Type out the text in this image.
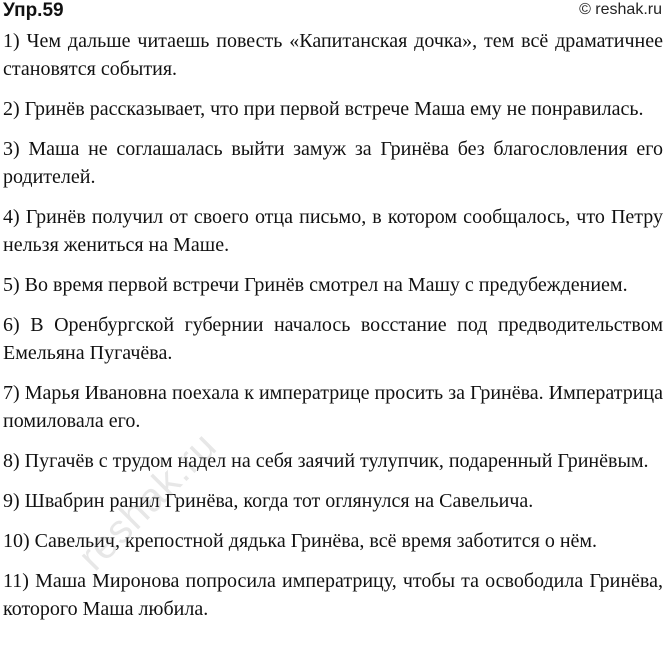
Упр.59	© reshak.ru
1) Чем дальше читаешь повесть «Капитанская дочка», тем всё драматичнее становятся события.
2) Гринёв рассказывает, что при первой встрече Маша ему не понравилась.
3) Маша не соглашалась выйти замуж за Гринёва без благословления его родителей.
4) Гринёв получил от своего отца письмо, в котором сообщалось, что Петру нельзя жениться на Маше.
5) Во время первой встречи Гринёв смотрел на Машу с предубеждением.
6) В Оренбургской губернии началось восстание под предводительством Емельяна Пугачёва.
7) Марья Ивановна поехала к императрице просить за Гринёва. Императрица помиловала его.
8) Пугачёв с трудом надел на себя заячий тулупчик, подаренный Гринёвым.
9) Швабрин ранил Гринёва, когда тот оглянулся на Савельича.
10) Савельич, крепостной дядька Гринёва, всё время заботится о нём.
11) Маша Миронова попросила императрицу, чтобы та освободила Гринёва, которого Маша любила.
reshak.ru
